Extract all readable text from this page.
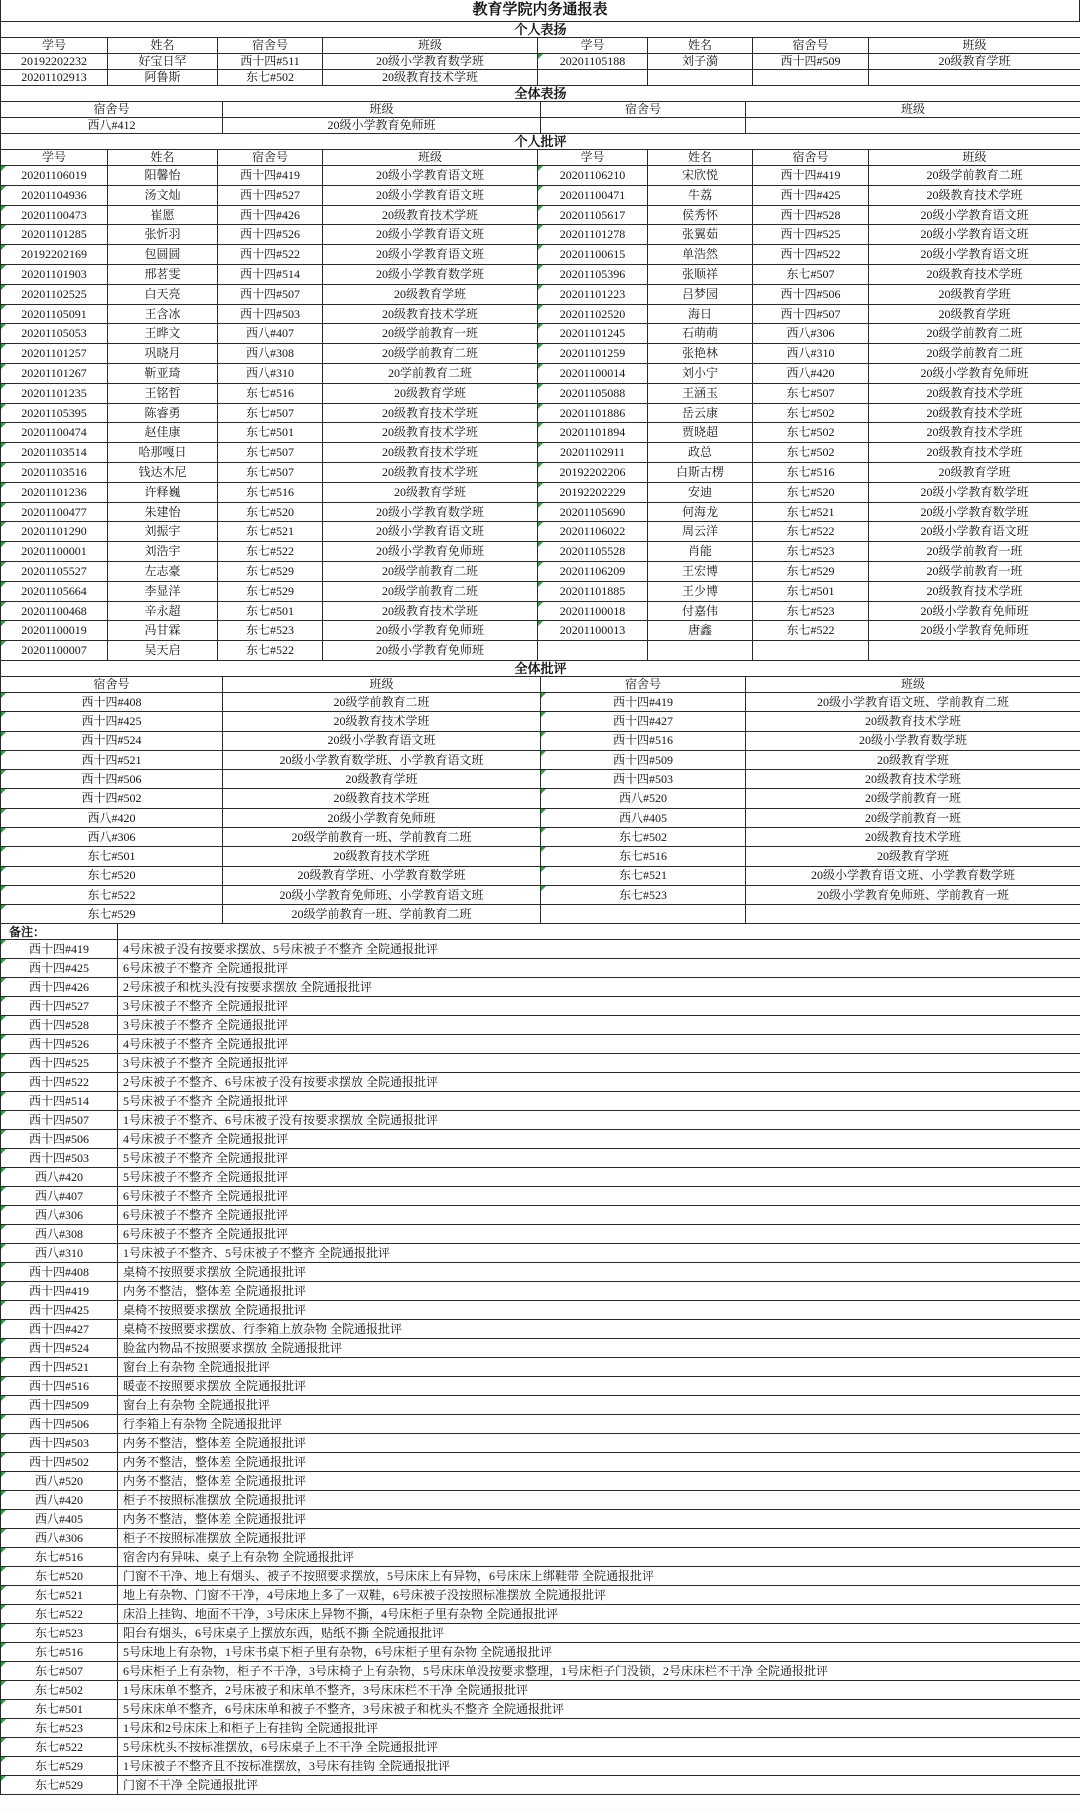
教育学院内务通报表
个人表扬							
学号	姓名	宿舍号	班级	学号	姓名	宿舍号	班级
20192202232	好宝日罕	西十四#511	20级小学教育数学班	20201105188	刘子漪	西十四#509	20级教育学班
20201102913	阿鲁斯	东七#502	20级教育技术学班				
全体表扬			
宿舍号	班级	宿舍号	班级
西八#412	20级小学教育免师班		
个人批评							
学号	姓名	宿舍号	班级	学号	姓名	宿舍号	班级
20201106019	阳馨怡	西十四#419	20级小学教育语文班	20201106210	宋欣悦	西十四#419	20级学前教育二班
20201104936	汤文灿	西十四#527	20级小学教育语文班	20201100471	牛荔	西十四#425	20级教育技术学班
20201100473	崔愿	西十四#426	20级教育技术学班	20201105617	侯秀怀	西十四#528	20级小学教育语文班
20201101285	张忻羽	西十四#526	20级小学教育语文班	20201101278	张翼茹	西十四#525	20级小学教育语文班
20192202169	包圆圆	西十四#522	20级小学教育语文班	20201100615	单浩然	西十四#522	20级小学教育语文班
20201101903	邢茗雯	西十四#514	20级小学教育数学班	20201105396	张顺祥	东七#507	20级教育技术学班
20201102525	白天亮	西十四#507	20级教育学班	20201101223	吕梦园	西十四#506	20级教育学班
20201105091	王含冰	西十四#503	20级教育技术学班	20201102520	海日	西十四#507	20级教育学班
20201105053	王晔文	西八#407	20级学前教育一班	20201101245	石萌萌	西八#306	20级学前教育二班
20201101257	巩晓月	西八#308	20级学前教育二班	20201101259	张艳林	西八#310	20级学前教育二班
20201101267	靳亚琦	西八#310	20学前教育二班	20201100014	刘小宁	西八#420	20级小学教育免师班
20201101235	王铭哲	东七#516	20级教育学班	20201105088	王涵玉	东七#507	20级教育技术学班
20201105395	陈睿勇	东七#507	20级教育技术学班	20201101886	岳云康	东七#502	20级教育技术学班
20201100474	赵佳康	东七#501	20级教育技术学班	20201101894	贾晓超	东七#502	20级教育技术学班
20201103514	哈那嘎日	东七#507	20级教育技术学班	20201102911	政总	东七#502	20级教育技术学班
20201103516	钱达木尼	东七#507	20级教育技术学班	20192202206	白斯古楞	东七#516	20级教育学班
20201101236	许释巍	东七#516	20级教育学班	20192202229	安迪	东七#520	20级小学教育数学班
20201100477	朱建怡	东七#520	20级小学教育数学班	20201105690	何海龙	东七#521	20级小学教育数学班
20201101290	刘振宇	东七#521	20级小学教育语文班	20201106022	周云洋	东七#522	20级小学教育语文班
20201100001	刘浩宇	东七#522	20级小学教育免师班	20201105528	肖能	东七#523	20级学前教育一班
20201105527	左志豪	东七#529	20级学前教育二班	20201106209	王宏博	东七#529	20级学前教育一班
20201105664	李显洋	东七#529	20级学前教育二班	20201101885	王少博	东七#501	20级教育技术学班
20201100468	辛永超	东七#501	20级教育技术学班	20201100018	付嘉伟	东七#523	20级小学教育免师班
20201100019	冯甘霖	东七#523	20级小学教育免师班	20201100013	唐鑫	东七#522	20级小学教育免师班
20201100007	吴天启	东七#522	20级小学教育免师班				
全体批评			
宿舍号	班级	宿舍号	班级
西十四#408	20级学前教育二班	西十四#419	20级小学教育语文班、学前教育二班
西十四#425	20级教育技术学班	西十四#427	20级教育技术学班
西十四#524	20级小学教育语文班	西十四#516	20级小学教育数学班
西十四#521	20级小学教育数学班、小学教育语文班	西十四#509	20级教育学班
西十四#506	20级教育学班	西十四#503	20级教育技术学班
西十四#502	20级教育技术学班	西八#520	20级学前教育一班
西八#420	20级小学教育免师班	西八#405	20级学前教育一班
西八#306	20级学前教育一班、学前教育二班	东七#502	20级教育技术学班
东七#501	20级教育技术学班	东七#516	20级教育学班
东七#520	20级教育学班、小学教育数学班	东七#521	20级小学教育语文班、小学教育数学班
东七#522	20级小学教育免师班、小学教育语文班	东七#523	20级小学教育免师班、学前教育一班
东七#529	20级学前教育一班、学前教育二班		
备注：	
西十四#419	4号床被子没有按要求摆放、5号床被子不整齐 全院通报批评
西十四#425	6号床被子不整齐 全院通报批评
西十四#426	2号床被子和枕头没有按要求摆放 全院通报批评
西十四#527	3号床被子不整齐 全院通报批评
西十四#528	3号床被子不整齐 全院通报批评
西十四#526	4号床被子不整齐 全院通报批评
西十四#525	3号床被子不整齐 全院通报批评
西十四#522	2号床被子不整齐、6号床被子没有按要求摆放 全院通报批评
西十四#514	5号床被子不整齐 全院通报批评
西十四#507	1号床被子不整齐、6号床被子没有按要求摆放 全院通报批评
西十四#506	4号床被子不整齐 全院通报批评
西十四#503	5号床被子不整齐 全院通报批评
西八#420	5号床被子不整齐 全院通报批评
西八#407	6号床被子不整齐 全院通报批评
西八#306	6号床被子不整齐 全院通报批评
西八#308	6号床被子不整齐 全院通报批评
西八#310	1号床被子不整齐、5号床被子不整齐 全院通报批评
西十四#408	桌椅不按照要求摆放 全院通报批评
西十四#419	内务不整洁，整体差 全院通报批评
西十四#425	桌椅不按照要求摆放 全院通报批评
西十四#427	桌椅不按照要求摆放、行李箱上放杂物 全院通报批评
西十四#524	脸盆内物品不按照要求摆放 全院通报批评
西十四#521	窗台上有杂物 全院通报批评
西十四#516	暖壶不按照要求摆放 全院通报批评
西十四#509	窗台上有杂物 全院通报批评
西十四#506	行李箱上有杂物 全院通报批评
西十四#503	内务不整洁，整体差 全院通报批评
西十四#502	内务不整洁，整体差 全院通报批评
西八#520	内务不整洁，整体差 全院通报批评
西八#420	柜子不按照标准摆放 全院通报批评
西八#405	内务不整洁，整体差 全院通报批评
西八#306	柜子不按照标准摆放 全院通报批评
东七#516	宿舍内有异味、桌子上有杂物 全院通报批评
东七#520	门窗不干净、地上有烟头、被子不按照要求摆放，5号床床上有异物，6号床床上绑鞋带 全院通报批评
东七#521	地上有杂物、门窗不干净，4号床地上多了一双鞋，6号床被子没按照标准摆放 全院通报批评
东七#522	床沿上挂钩、地面不干净，3号床床上异物不撕，4号床柜子里有杂物 全院通报批评
东七#523	阳台有烟头，6号床桌子上摆放东西，贴纸不撕 全院通报批评
东七#516	5号床地上有杂物，1号床书桌下柜子里有杂物，6号床柜子里有杂物 全院通报批评
东七#507	6号床柜子上有杂物，柜子不干净，3号床椅子上有杂物，5号床床单没按要求整理，1号床柜子门没锁，2号床床栏不干净 全院通报批评
东七#502	1号床床单不整齐，2号床被子和床单不整齐，3号床床栏不干净 全院通报批评
东七#501	5号床床单不整齐，6号床床单和被子不整齐，3号床被子和枕头不整齐 全院通报批评
东七#523	1号床和2号床床上和柜子上有挂钩 全院通报批评
东七#522	5号床枕头不按标准摆放，6号床桌子上不干净 全院通报批评
东七#529	1号床被子不整齐且不按标准摆放，3号床有挂钩 全院通报批评
东七#529	门窗不干净 全院通报批评
